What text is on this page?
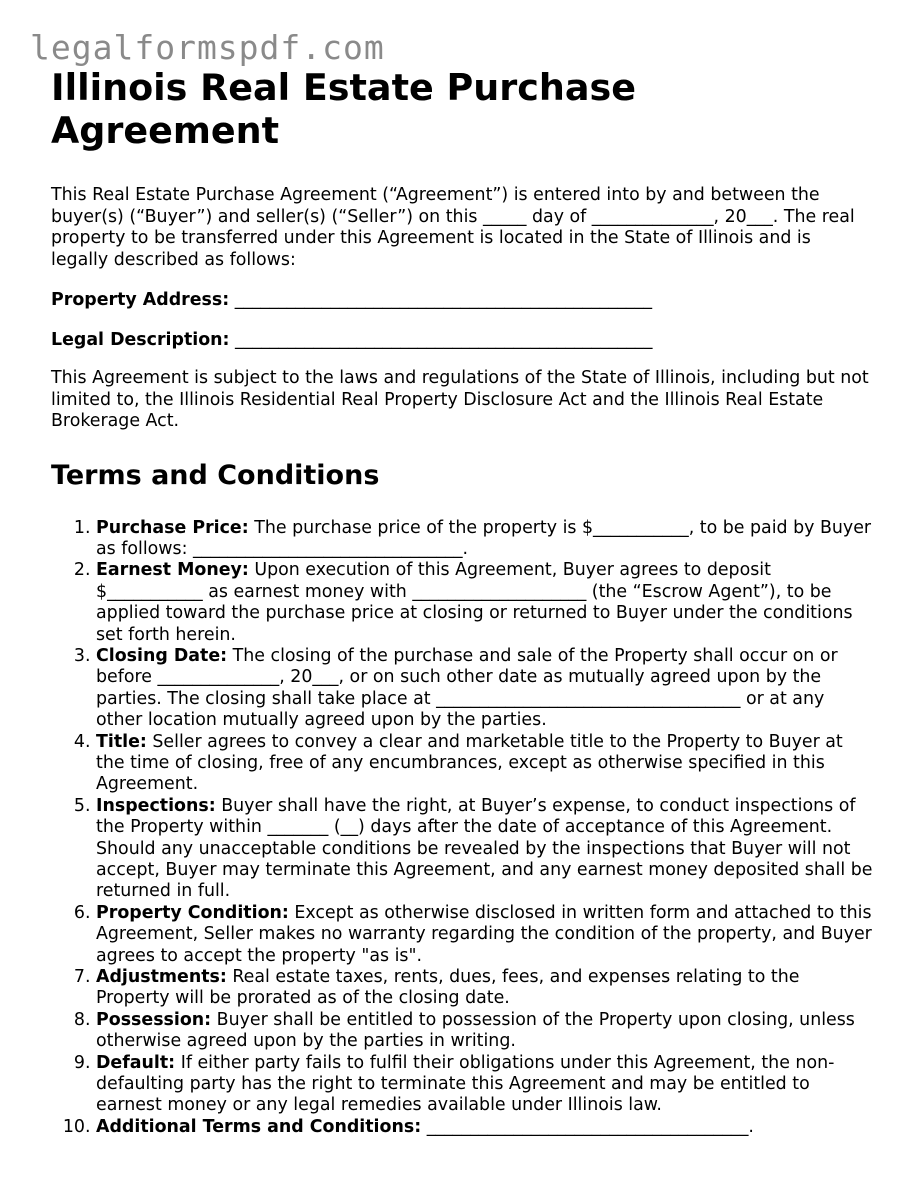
legalformspdf.com
Illinois Real Estate Purchase Agreement

This Real Estate Purchase Agreement (“Agreement”) is entered into by and between the buyer(s) (“Buyer”) and seller(s) (“Seller”) on this _____ day of ______________, 20___. The real property to be transferred under this Agreement is located in the State of Illinois and is legally described as follows:

Property Address: ________________________________________________

Legal Description: ________________________________________________

This Agreement is subject to the laws and regulations of the State of Illinois, including but not limited to, the Illinois Residential Real Property Disclosure Act and the Illinois Real Estate Brokerage Act.

Terms and Conditions
1. Purchase Price: The purchase price of the property is $___________, to be paid by Buyer as follows: _______________________________.
2. Earnest Money: Upon execution of this Agreement, Buyer agrees to deposit $___________ as earnest money with ____________________ (the “Escrow Agent”), to be applied toward the purchase price at closing or returned to Buyer under the conditions set forth herein.
3. Closing Date: The closing of the purchase and sale of the Property shall occur on or before ______________, 20___, or on such other date as mutually agreed upon by the parties. The closing shall take place at ___________________________________ or at any other location mutually agreed upon by the parties.
4. Title: Seller agrees to convey a clear and marketable title to the Property to Buyer at the time of closing, free of any encumbrances, except as otherwise specified in this Agreement.
5. Inspections: Buyer shall have the right, at Buyer’s expense, to conduct inspections of the Property within _______ (__) days after the date of acceptance of this Agreement. Should any unacceptable conditions be revealed by the inspections that Buyer will not accept, Buyer may terminate this Agreement, and any earnest money deposited shall be returned in full.
6. Property Condition: Except as otherwise disclosed in written form and attached to this Agreement, Seller makes no warranty regarding the condition of the property, and Buyer agrees to accept the property "as is".
7. Adjustments: Real estate taxes, rents, dues, fees, and expenses relating to the Property will be prorated as of the closing date.
8. Possession: Buyer shall be entitled to possession of the Property upon closing, unless otherwise agreed upon by the parties in writing.
9. Default: If either party fails to fulfil their obligations under this Agreement, the non-defaulting party has the right to terminate this Agreement and may be entitled to earnest money or any legal remedies available under Illinois law.
10. Additional Terms and Conditions: _____________________________________.
